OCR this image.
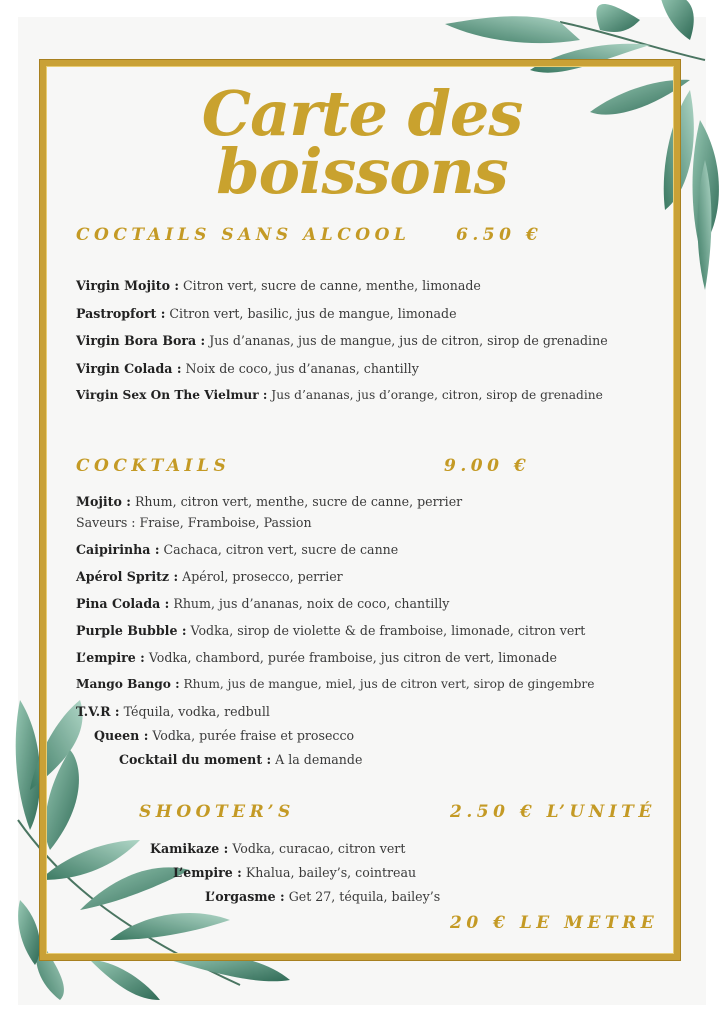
Carte des
boissons
COCTAILS SANS ALCOOL	6.50 €
Virgin Mojito : Citron vert, sucre de canne, menthe, limonade
Pastropfort : Citron vert, basilic, jus de mangue, limonade
Virgin Bora Bora : Jus d’ananas, jus de mangue, jus de citron, sirop de grenadine
Virgin Colada : Noix de coco, jus d’ananas, chantilly
Virgin Sex On The Vielmur : Jus d’ananas, jus d’orange, citron, sirop de grenadine
COCKTAILS	9.00 €
Mojito : Rhum, citron vert, menthe, sucre de canne, perrier
Saveurs : Fraise, Framboise, Passion
Caipirinha : Cachaca, citron vert, sucre de canne
Apérol Spritz : Apérol, prosecco, perrier
Pina Colada : Rhum, jus d’ananas, noix de coco, chantilly
Purple Bubble : Vodka, sirop de violette & de framboise, limonade, citron vert
L’empire : Vodka, chambord, purée framboise, jus citron de vert, limonade
Mango Bango : Rhum, jus de mangue, miel, jus de citron vert, sirop de gingembre
T.V.R : Téquila, vodka, redbull
Queen : Vodka, purée fraise et prosecco
Cocktail du moment : A la demande
SHOOTER’S	2.50 € L’UNITÉ
Kamikaze : Vodka, curacao, citron vert
L’empire : Khalua, bailey’s, cointreau
L’orgasme : Get 27, téquila, bailey’s
20 € LE METRE
